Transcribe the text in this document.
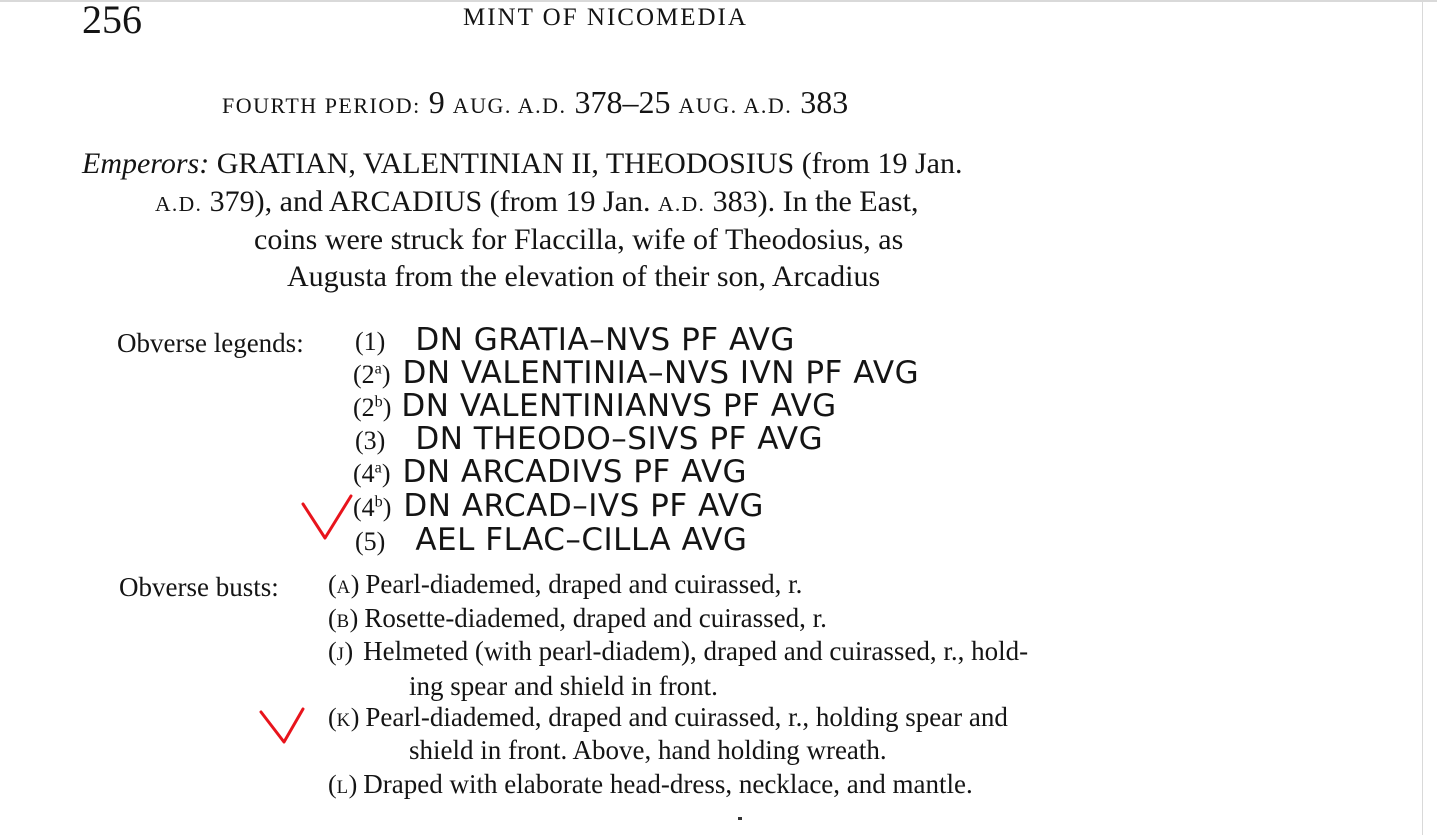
256	MINT OF NICOMEDIA
FOURTH PERIOD: 9 AUG. A.D. 378–25 AUG. A.D. 383
Emperors: GRATIAN, VALENTINIAN II, THEODOSIUS (from 19 Jan.
A.D. 379), and ARCADIUS (from 19 Jan. A.D. 383). In the East,
coins were struck for Flaccilla, wife of Theodosius, as
Augusta from the elevation of their son, Arcadius
Obverse legends: (1) DN GRATIA–NVS PF AVG
(2$^a$) DN VALENTINIA–NVS IVN PF AVG
(2$^b$) DN VALENTINIANVS PF AVG
(3) DN THEODO–SIVS PF AVG
(4$^a$) DN ARCADIVS PF AVG
(4$^b$) DN ARCAD–IVS PF AVG
(5) AEL FLAC–CILLA AVG
Obverse busts: (A) Pearl-diademed, draped and cuirassed, r.
(B) Rosette-diademed, draped and cuirassed, r.
(J) Helmeted (with pearl-diadem), draped and cuirassed, r., hold-
ing spear and shield in front.
(K) Pearl-diademed, draped and cuirassed, r., holding spear and
shield in front. Above, hand holding wreath.
(L) Draped with elaborate head-dress, necklace, and mantle.
